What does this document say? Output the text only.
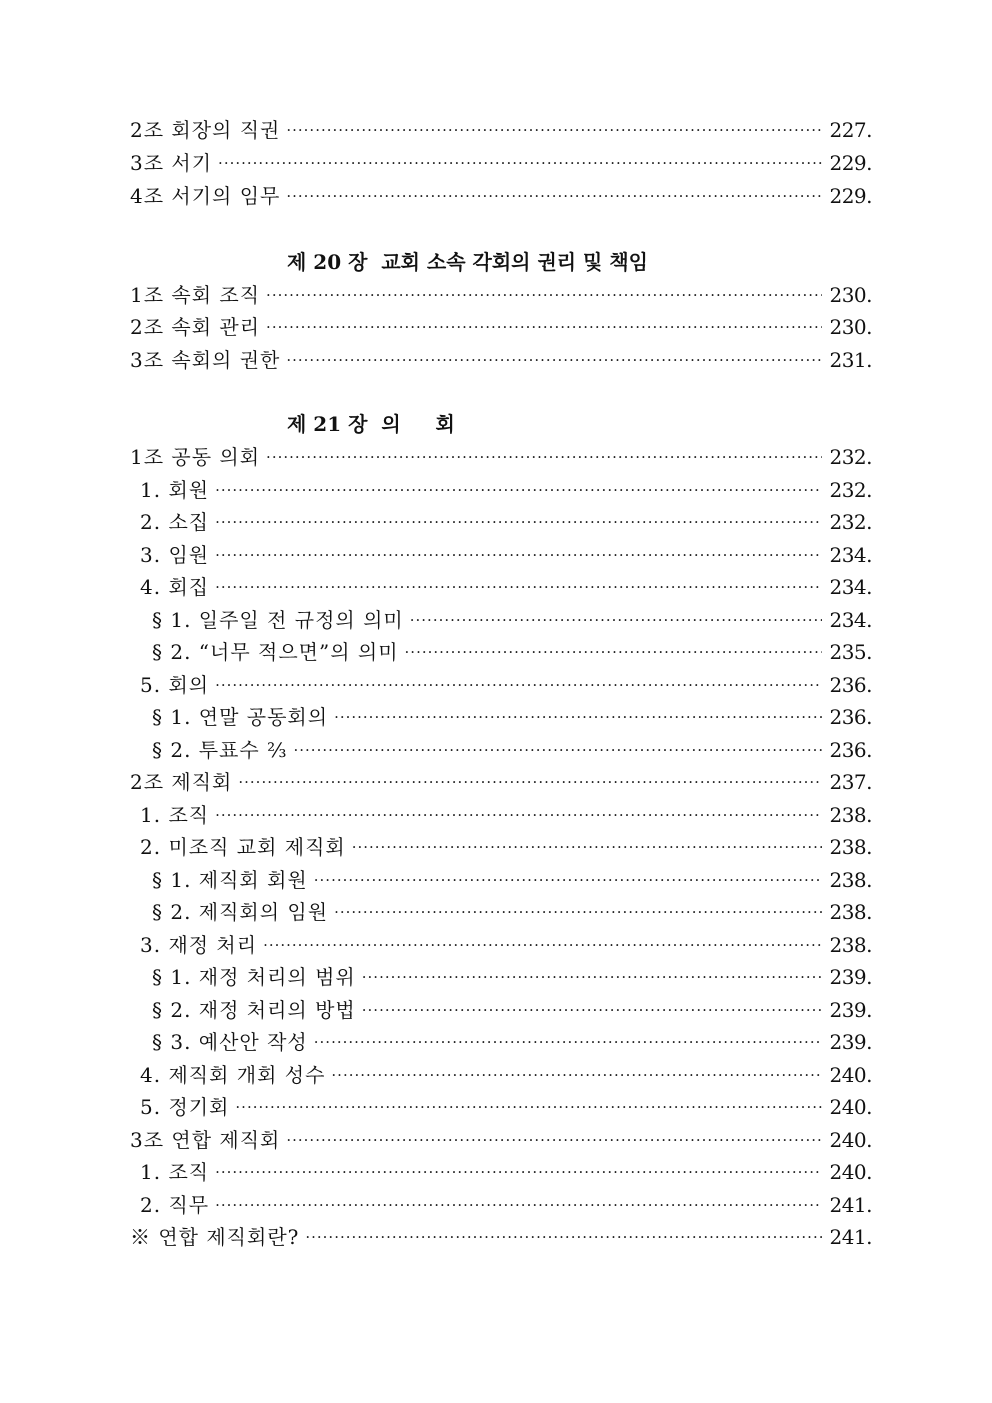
2조 회장의 직권 ·····	227.
3조 서기 ·····	229.
4조 서기의 임무 ·····	229.
제 20 장  교회 소속 각회의 권리 및 책임
1조 속회 조직 ·····	230.
2조 속회 관리 ·····	230.
3조 속회의 권한 ·····	231.
제 21 장  의     회
1조 공동 의회 ·····	232.
1. 회원 ·····	232.
2. 소집 ·····	232.
3. 임원 ·····	234.
4. 회집 ·····	234.
§ 1. 일주일 전 규정의 의미 ·····	234.
§ 2. “너무 적으면”의 의미 ·····	235.
5. 회의 ·····	236.
§ 1. 연말 공동회의 ·····	236.
§ 2. 투표수 ⅔ ·····	236.
2조 제직회 ·····	237.
1. 조직 ·····	238.
2. 미조직 교회 제직회 ·····	238.
§ 1. 제직회 회원 ·····	238.
§ 2. 제직회의 임원 ·····	238.
3. 재정 처리 ·····	238.
§ 1. 재정 처리의 범위 ·····	239.
§ 2. 재정 처리의 방법 ·····	239.
§ 3. 예산안 작성 ·····	239.
4. 제직회 개회 성수 ·····	240.
5. 정기회 ·····	240.
3조 연합 제직회 ·····	240.
1. 조직 ·····	240.
2. 직무 ·····	241.
※ 연합 제직회란? ·····	241.
